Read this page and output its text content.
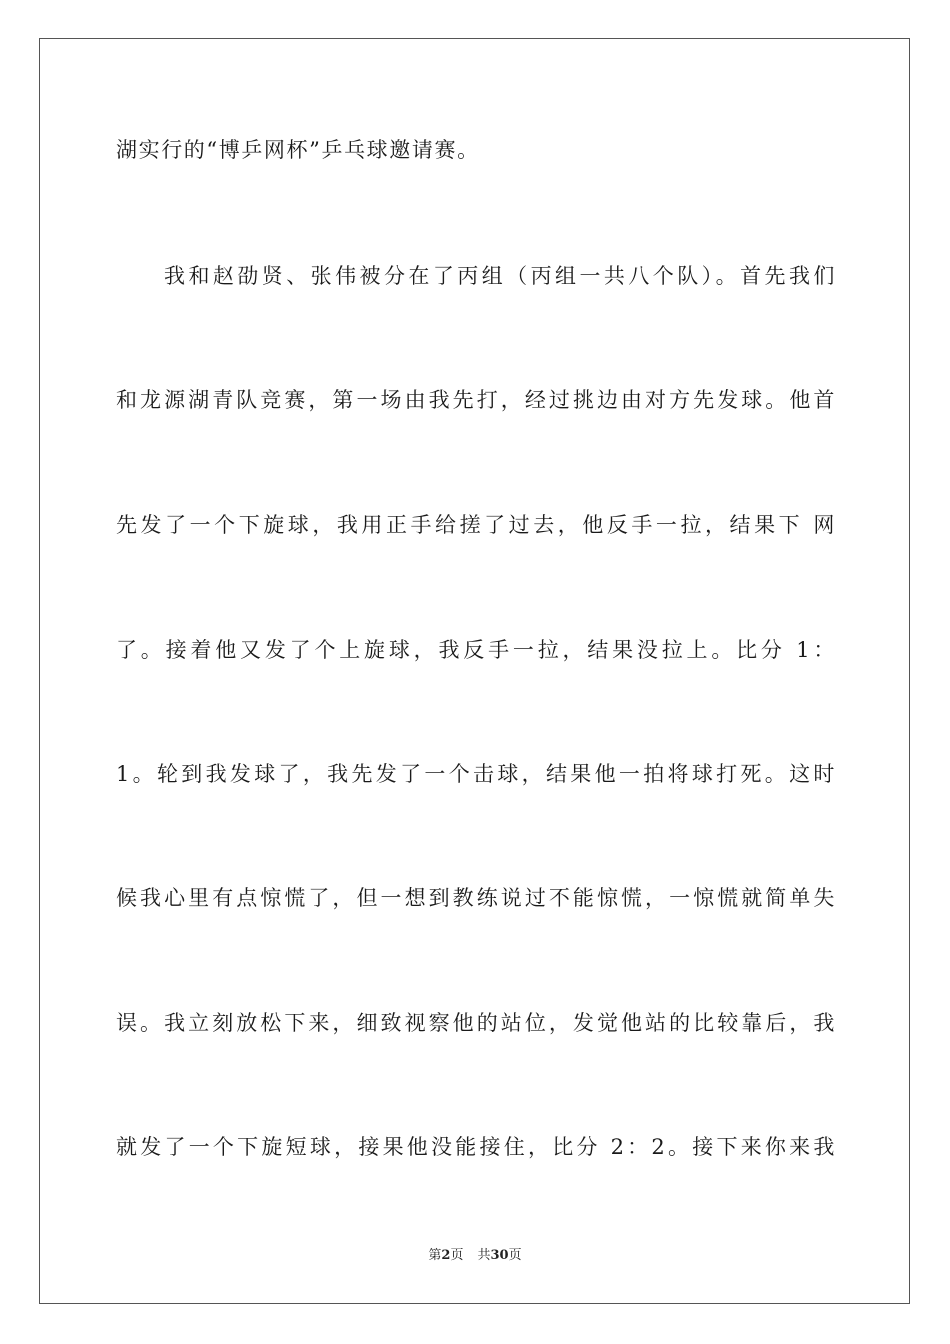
湖实行的“博乒网杯”乒乓球邀请赛。
我和赵劭贤、张伟被分在了丙组（丙组一共八个队）。首先我们
和龙源湖青队竞赛，第一场由我先打，经过挑边由对方先发球。他首
先发了一个下旋球，我用正手给搓了过去，他反手一拉，结果下 网
了。接着他又发了个上旋球，我反手一拉，结果没拉上。比分 1：
1。轮到我发球了，我先发了一个击球，结果他一拍将球打死。这时
候我心里有点惊慌了，但一想到教练说过不能惊慌，一惊慌就简单失
误。我立刻放松下来，细致视察他的站位，发觉他站的比较靠后，我
就发了一个下旋短球，接果他没能接住，比分 2：2。接下来你来我
第2页 共30页
